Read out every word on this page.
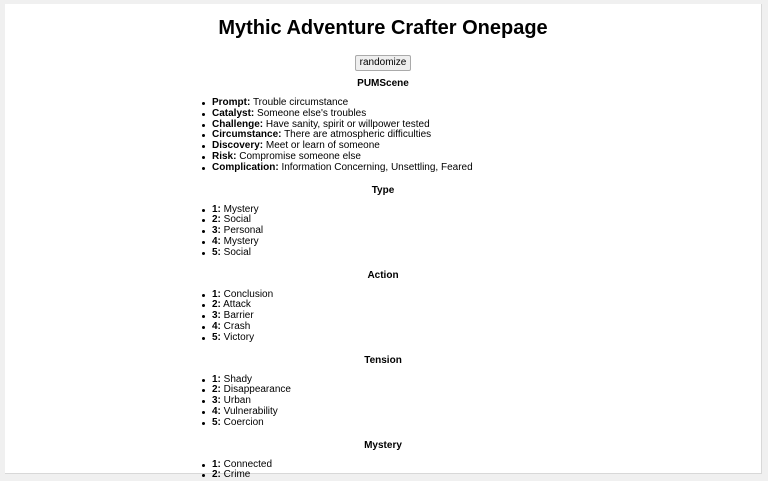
Mythic Adventure Crafter Onepage
randomize
PUMScene
Prompt: Trouble circumstance
Catalyst: Someone else's troubles
Challenge: Have sanity, spirit or willpower tested
Circumstance: There are atmospheric difficulties
Discovery: Meet or learn of someone
Risk: Compromise someone else
Complication: Information Concerning, Unsettling, Feared
Type
1: Mystery
2: Social
3: Personal
4: Mystery
5: Social
Action
1: Conclusion
2: Attack
3: Barrier
4: Crash
5: Victory
Tension
1: Shady
2: Disappearance
3: Urban
4: Vulnerability
5: Coercion
Mystery
1: Connected
2: Crime
